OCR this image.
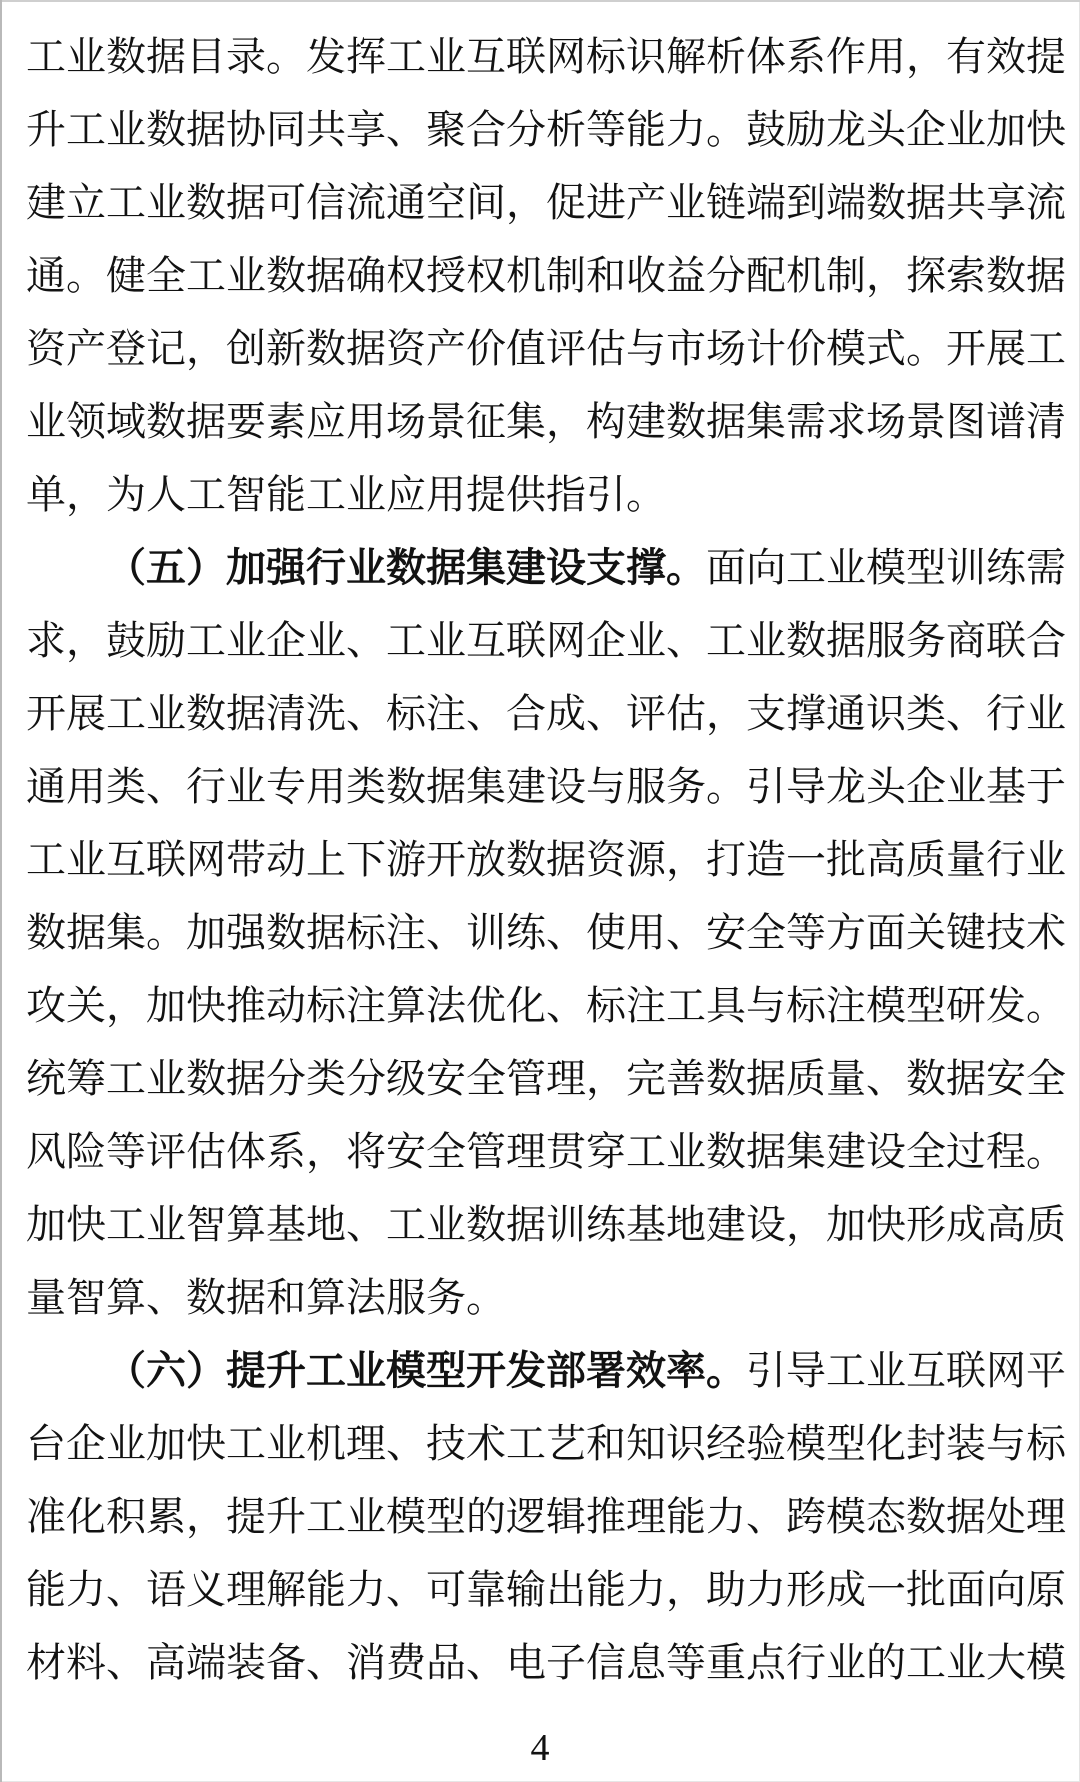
工业数据目录。发挥工业互联网标识解析体系作用，有效提
升工业数据协同共享、聚合分析等能力。鼓励龙头企业加快
建立工业数据可信流通空间，促进产业链端到端数据共享流
通。健全工业数据确权授权机制和收益分配机制，探索数据
资产登记，创新数据资产价值评估与市场计价模式。开展工
业领域数据要素应用场景征集，构建数据集需求场景图谱清
单，为人工智能工业应用提供指引。
（五）加强行业数据集建设支撑。面向工业模型训练需
求，鼓励工业企业、工业互联网企业、工业数据服务商联合
开展工业数据清洗、标注、合成、评估，支撑通识类、行业
通用类、行业专用类数据集建设与服务。引导龙头企业基于
工业互联网带动上下游开放数据资源，打造一批高质量行业
数据集。加强数据标注、训练、使用、安全等方面关键技术
攻关，加快推动标注算法优化、标注工具与标注模型研发。
统筹工业数据分类分级安全管理，完善数据质量、数据安全
风险等评估体系，将安全管理贯穿工业数据集建设全过程。
加快工业智算基地、工业数据训练基地建设，加快形成高质
量智算、数据和算法服务。
（六）提升工业模型开发部署效率。引导工业互联网平
台企业加快工业机理、技术工艺和知识经验模型化封装与标
准化积累，提升工业模型的逻辑推理能力、跨模态数据处理
能力、语义理解能力、可靠输出能力，助力形成一批面向原
材料、高端装备、消费品、电子信息等重点行业的工业大模
4
